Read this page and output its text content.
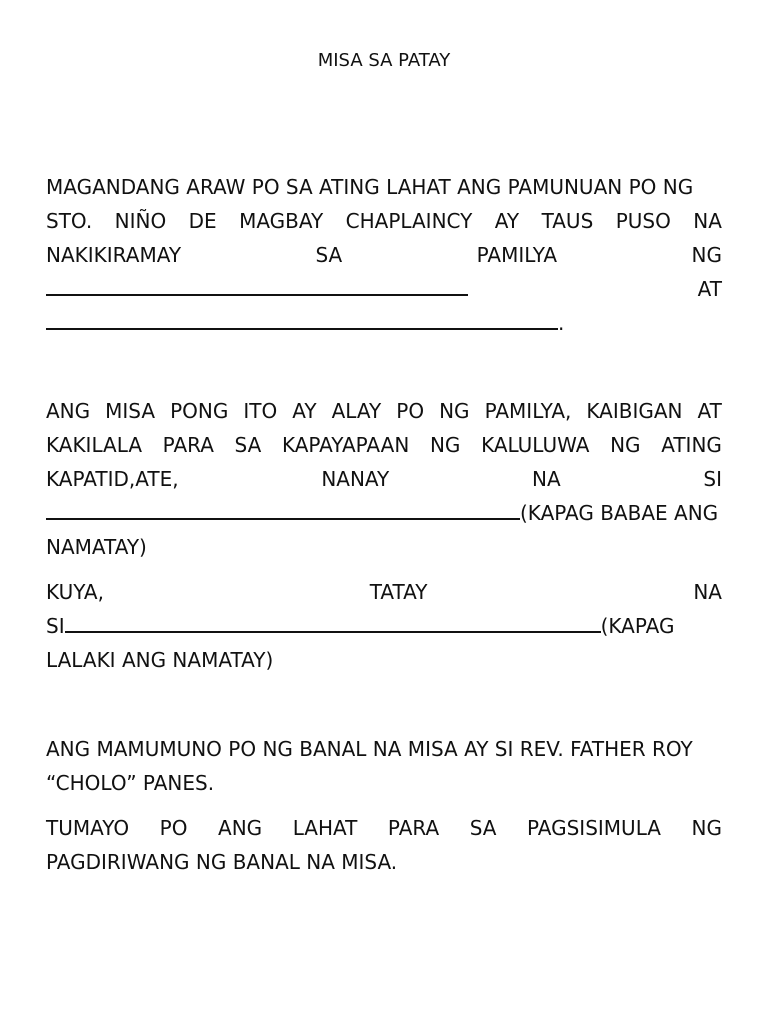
MISA SA PATAY
MAGANDANG ARAW PO SA ATING LAHAT ANG PAMUNUAN PO NG
STO. NIÑO DE MAGBAY CHAPLAINCY AY TAUS PUSO NA
NAKIKIRAMAY	SA	PAMILYA	NG
AT
.
ANG MISA PONG ITO AY ALAY PO NG PAMILYA, KAIBIGAN AT
KAKILALA PARA SA KAPAYAPAAN NG KALULUWA NG ATING
KAPATID,ATE,	NANAY	NA	SI
(KAPAG BABAE ANG
NAMATAY)
KUYA,	TATAY	NA
SI	(KAPAG
LALAKI ANG NAMATAY)
ANG MAMUMUNO PO NG BANAL NA MISA AY SI REV. FATHER ROY
“CHOLO” PANES.
TUMAYO PO ANG LAHAT PARA SA PAGSISIMULA NG
PAGDIRIWANG NG BANAL NA MISA.
